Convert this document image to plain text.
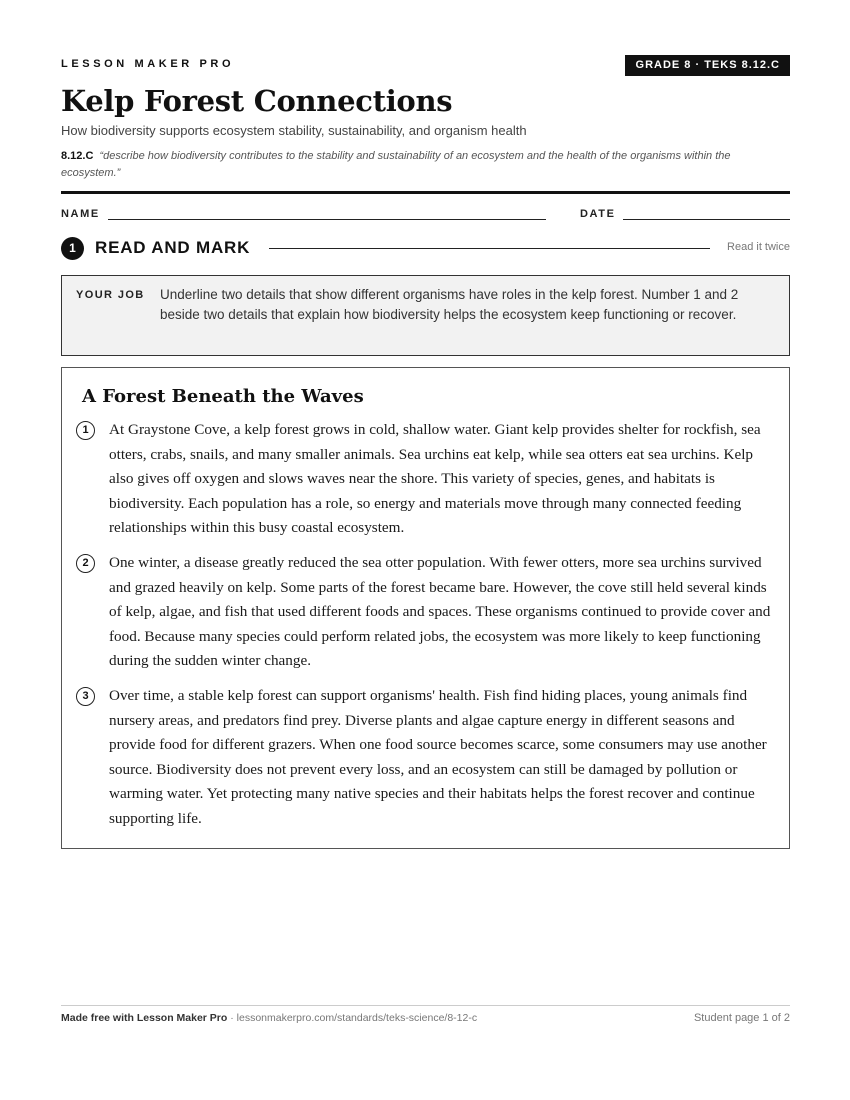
LESSON MAKER PRO	GRADE 8 · TEKS 8.12.C
Kelp Forest Connections
How biodiversity supports ecosystem stability, sustainability, and organism health
8.12.C “describe how biodiversity contributes to the stability and sustainability of an ecosystem and the health of the organisms within the ecosystem.”
NAME	DATE
1	READ AND MARK	Read it twice
YOUR JOB Underline two details that show different organisms have roles in the kelp forest. Number 1 and 2 beside two details that explain how biodiversity helps the ecosystem keep functioning or recover.
A Forest Beneath the Waves
1	At Graystone Cove, a kelp forest grows in cold, shallow water. Giant kelp provides shelter for rockfish, sea otters, crabs, snails, and many smaller animals. Sea urchins eat kelp, while sea otters eat sea urchins. Kelp also gives off oxygen and slows waves near the shore. This variety of species, genes, and habitats is biodiversity. Each population has a role, so energy and materials move through many connected feeding relationships within this busy coastal ecosystem.

2	One winter, a disease greatly reduced the sea otter population. With fewer otters, more sea urchins survived and grazed heavily on kelp. Some parts of the forest became bare. However, the cove still held several kinds of kelp, algae, and fish that used different foods and spaces. These organisms continued to provide cover and food. Because many species could perform related jobs, the ecosystem was more likely to keep functioning during the sudden winter change.

3	Over time, a stable kelp forest can support organisms' health. Fish find hiding places, young animals find nursery areas, and predators find prey. Diverse plants and algae capture energy in different seasons and provide food for different grazers. When one food source becomes scarce, some consumers may use another source. Biodiversity does not prevent every loss, and an ecosystem can still be damaged by pollution or warming water. Yet protecting many native species and their habitats helps the forest recover and continue supporting life.

Made free with Lesson Maker Pro · lessonmakerpro.com/standards/teks-science/8-12-c	Student page 1 of 2
